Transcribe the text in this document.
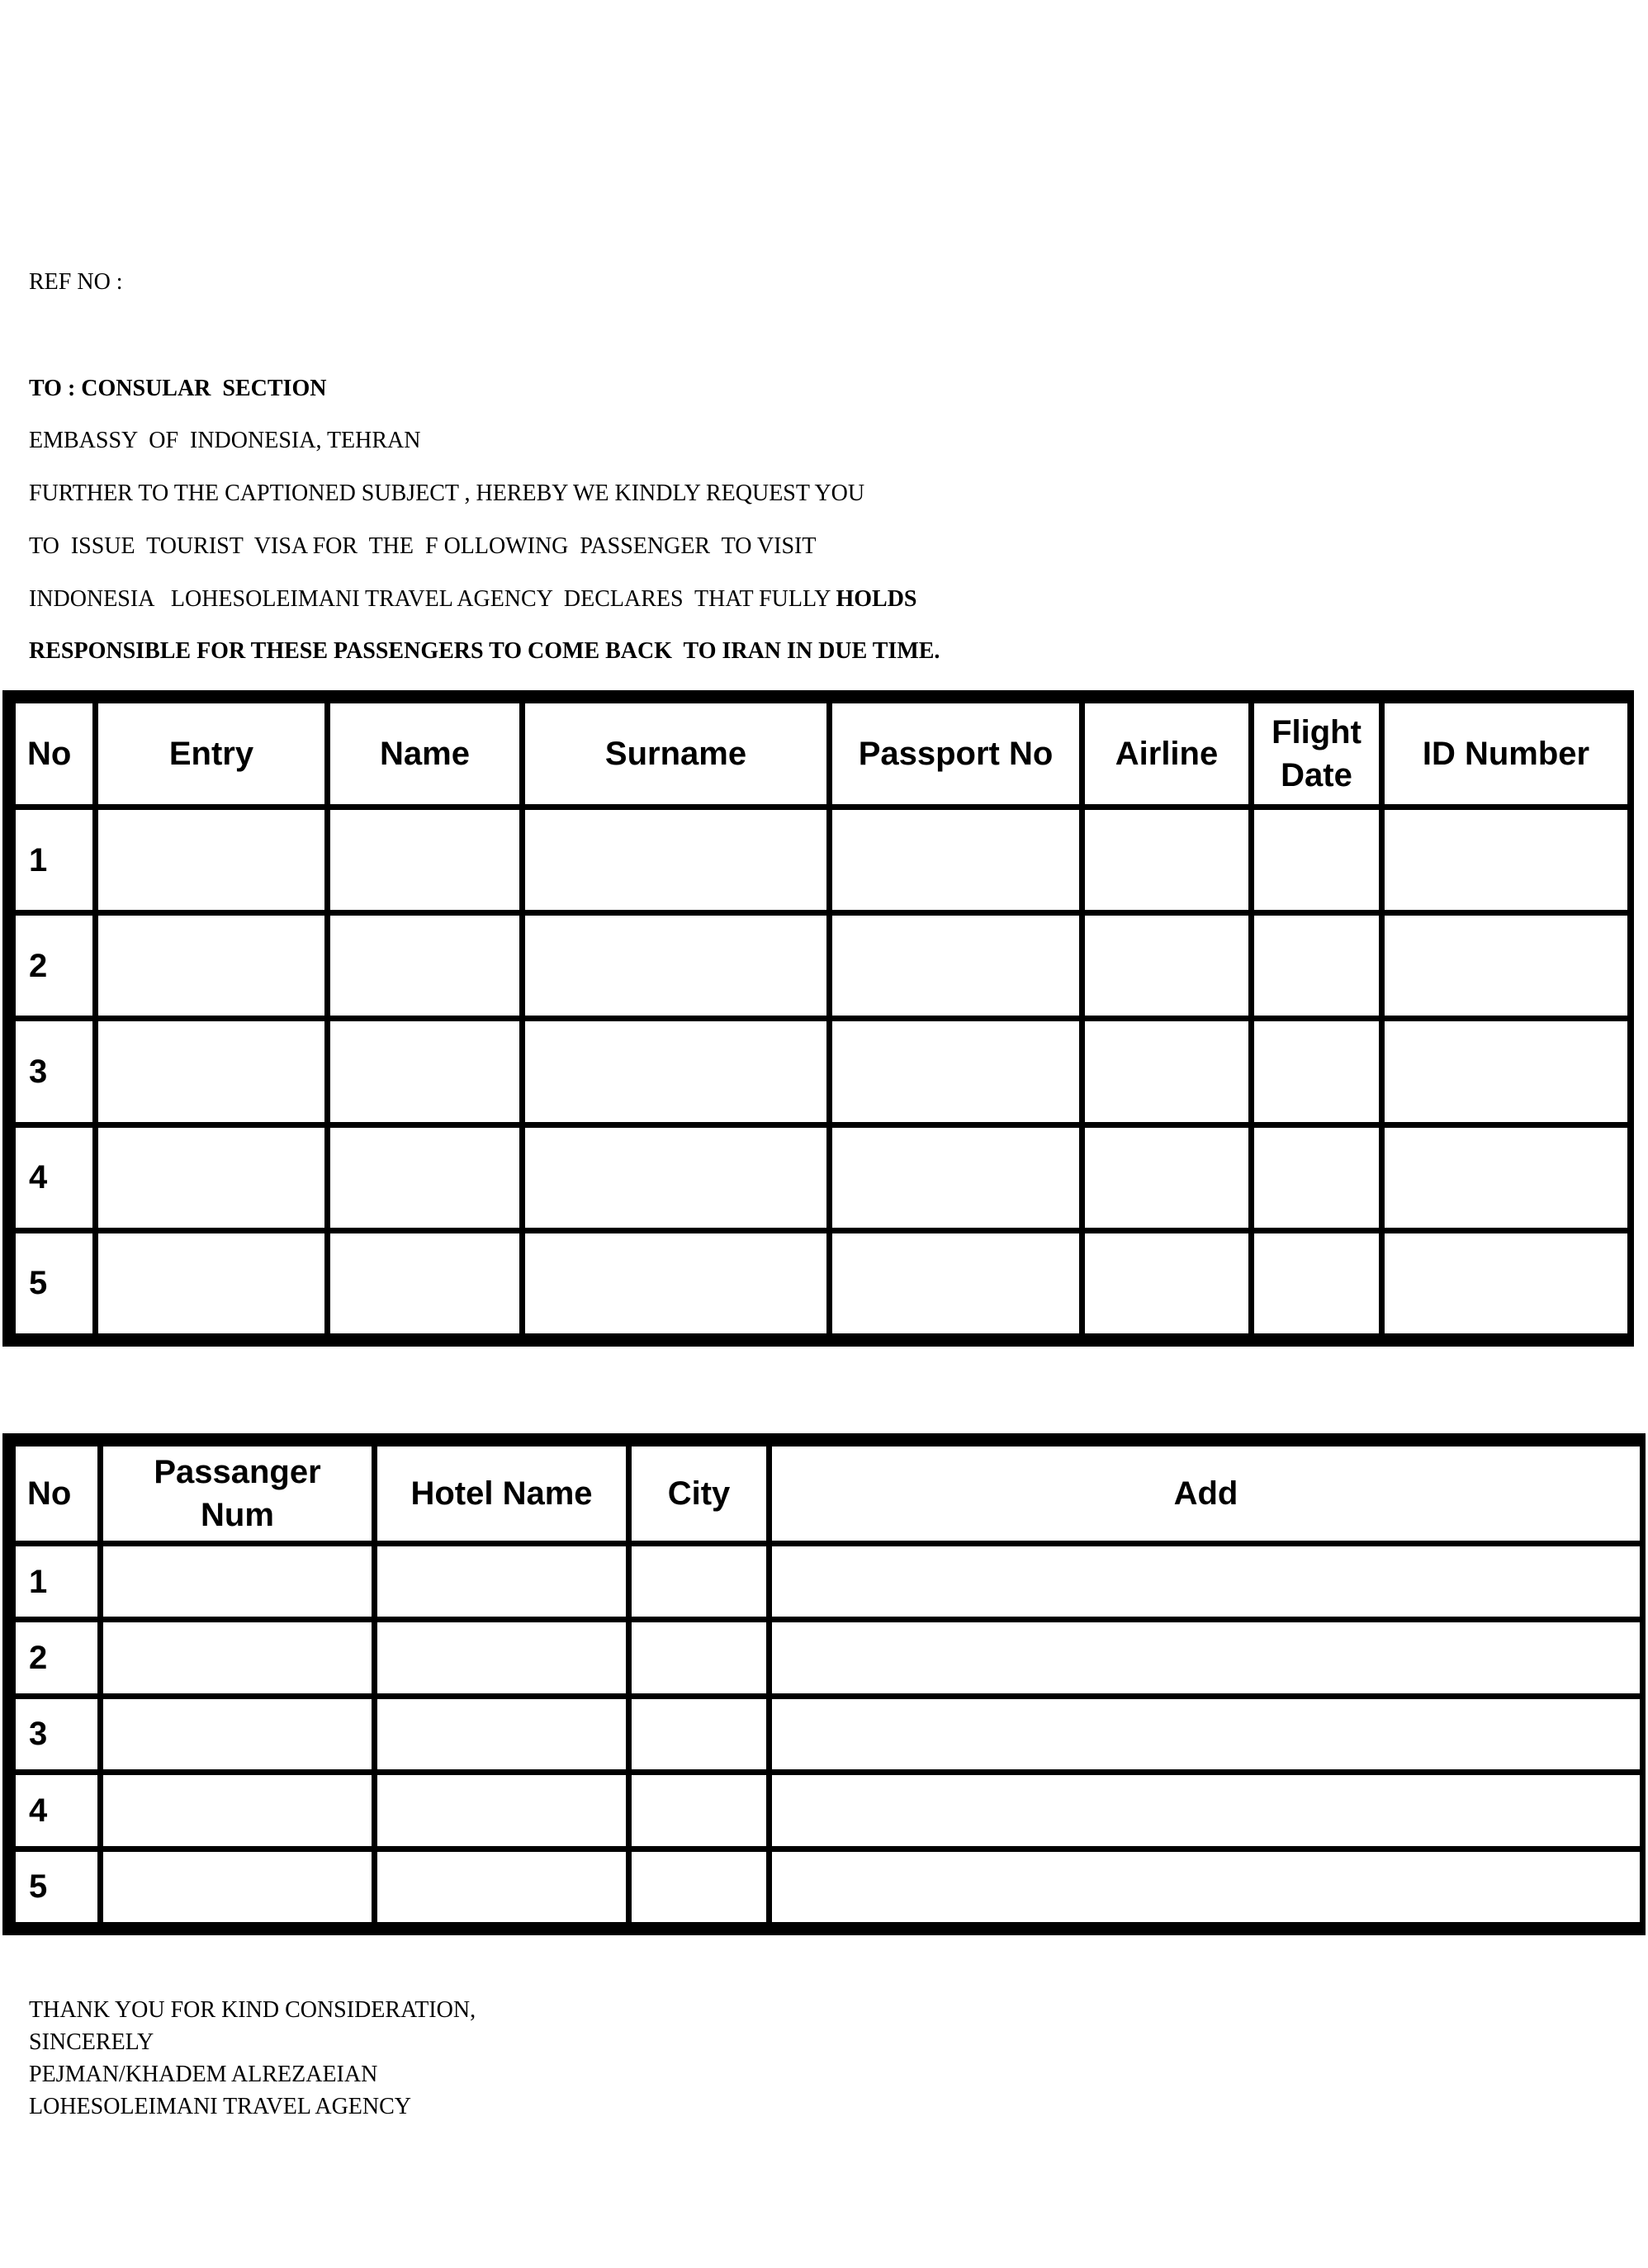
REF NO :
TO : CONSULAR  SECTION
EMBASSY  OF  INDONESIA, TEHRAN
FURTHER TO THE CAPTIONED SUBJECT , HEREBY WE KINDLY REQUEST YOU
TO  ISSUE  TOURIST  VISA FOR  THE  F OLLOWING  PASSENGER  TO VISIT
INDONESIA   LOHESOLEIMANI TRAVEL AGENCY  DECLARES  THAT FULLY HOLDS
RESPONSIBLE FOR THESE PASSENGERS TO COME BACK  TO IRAN IN DUE TIME.
No	Entry	Name	Surname	Passport No	Airline	Flight Date	ID Number
1							
2							
3							
4							
5							
No	Passanger Num	Hotel Name	City	Add
1				
2				
3				
4				
5				
THANK YOU FOR KIND CONSIDERATION,
SINCERELY
PEJMAN/KHADEM ALREZAEIAN
LOHESOLEIMANI TRAVEL AGENCY
